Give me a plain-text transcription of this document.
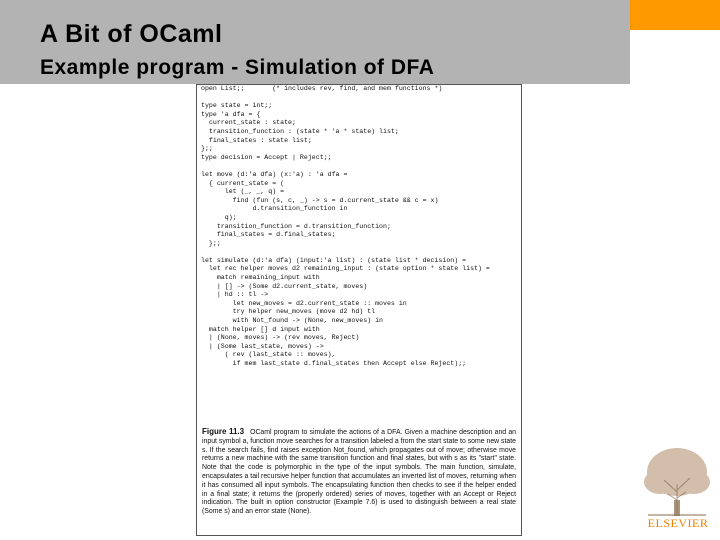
A Bit of OCaml
Example program - Simulation of DFA
open List;;       (* includes rev, find, and mem functions *)

type state = int;;
type 'a dfa = {
current_state : state;
transition_function : (state * 'a * state) list;
final_states : state list;
};;
type decision = Accept | Reject;;

let move (d:'a dfa) (x:'a) : 'a dfa =
{ current_state = (
let (_, _, q) =
find (fun (s, c, _) -> s = d.current_state && c = x)
d.transition_function in
q);
transition_function = d.transition_function;
final_states = d.final_states;
};;

let simulate (d:'a dfa) (input:'a list) : (state list * decision) =
let rec helper moves d2 remaining_input : (state option * state list) =
match remaining_input with
| [] -> (Some d2.current_state, moves)
| hd :: tl ->
let new_moves = d2.current_state :: moves in
try helper new_moves (move d2 hd) tl
with Not_found -> (None, new_moves) in
match helper [] d input with
| (None, moves) -> (rev moves, Reject)
| (Some last_state, moves) ->
( rev (last_state :: moves),
if mem last_state d.final_states then Accept else Reject);;
Figure 11.3 OCaml program to simulate the actions of a DFA. Given a machine description and an input symbol a, function move searches for a transition labeled a from the start state to some new state s. If the search fails, find raises exception Not_found, which propagates out of move; otherwise move returns a new machine with the same transition function and final states, but with s as its "start" state. Note that the code is polymorphic in the type of the input symbols. The main function, simulate, encapsulates a tail recursive helper function that accumulates an inverted list of moves, returning when it has consumed all input symbols. The encapsulating function then checks to see if the helper ended in a final state; it returns the (properly ordered) series of moves, together with an Accept or Reject indication. The built in option constructor (Example 7.6) is used to distinguish between a real state (Some s) and an error state (None).
ELSEVIER
